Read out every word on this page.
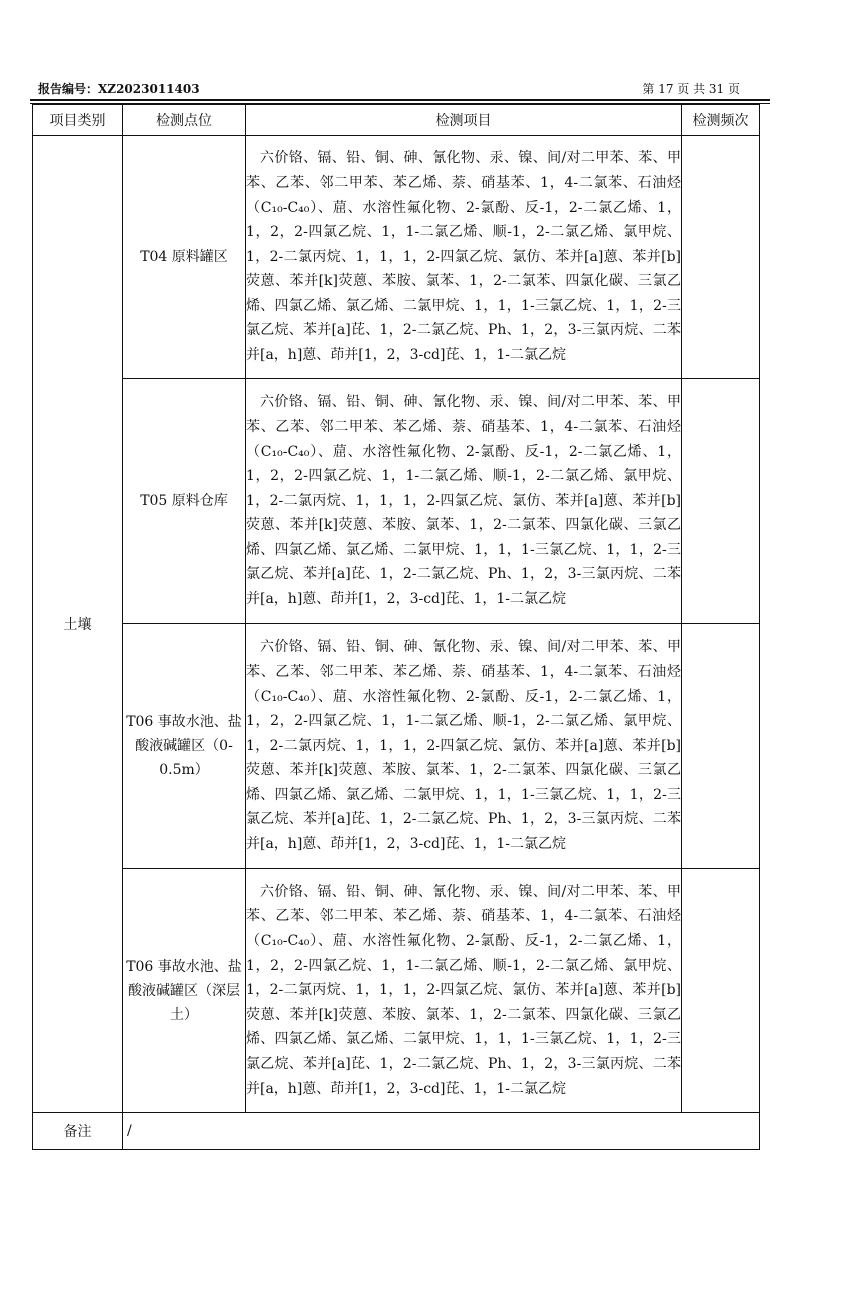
报告编号：XZ2023011403	第 17 页 共 31 页
项目类别	检测点位	检测项目	检测频次
土壤	T04 原料罐区	六价铬、镉、铅、铜、砷、氰化物、汞、镍、间/对二甲苯、苯、甲苯、乙苯、邻二甲苯、苯乙烯、萘、硝基苯、1，4-二氯苯、石油烃（C₁₀-C₄₀）、䓛、水溶性氟化物、2-氯酚、反-1，2-二氯乙烯、1，1，2，2-四氯乙烷、1，1-二氯乙烯、顺-1，2-二氯乙烯、氯甲烷、1，2-二氯丙烷、1，1，1，2-四氯乙烷、氯仿、苯并[a]蒽、苯并[b]荧蒽、苯并[k]荧蒽、苯胺、氯苯、1，2-二氯苯、四氯化碳、三氯乙烯、四氯乙烯、氯乙烯、二氯甲烷、1，1，1-三氯乙烷、1，1，2-三氯乙烷、苯并[a]芘、1，2-二氯乙烷、Ph、1，2，3-三氯丙烷、二苯并[a，h]蒽、茚并[1，2，3-cd]芘、1，1-二氯乙烷	

	T05 原料仓库	六价铬、镉、铅、铜、砷、氰化物、汞、镍、间/对二甲苯、苯、甲苯、乙苯、邻二甲苯、苯乙烯、萘、硝基苯、1，4-二氯苯、石油烃（C₁₀-C₄₀）、䓛、水溶性氟化物、2-氯酚、反-1，2-二氯乙烯、1，1，2，2-四氯乙烷、1，1-二氯乙烯、顺-1，2-二氯乙烯、氯甲烷、1，2-二氯丙烷、1，1，1，2-四氯乙烷、氯仿、苯并[a]蒽、苯并[b]荧蒽、苯并[k]荧蒽、苯胺、氯苯、1，2-二氯苯、四氯化碳、三氯乙烯、四氯乙烯、氯乙烯、二氯甲烷、1，1，1-三氯乙烷、1，1，2-三氯乙烷、苯并[a]芘、1，2-二氯乙烷、Ph、1，2，3-三氯丙烷、二苯并[a，h]蒽、茚并[1，2，3-cd]芘、1，1-二氯乙烷	

	T06 事故水池、盐酸液碱罐区（0-0.5m）	六价铬、镉、铅、铜、砷、氰化物、汞、镍、间/对二甲苯、苯、甲苯、乙苯、邻二甲苯、苯乙烯、萘、硝基苯、1，4-二氯苯、石油烃（C₁₀-C₄₀）、䓛、水溶性氟化物、2-氯酚、反-1，2-二氯乙烯、1，1，2，2-四氯乙烷、1，1-二氯乙烯、顺-1，2-二氯乙烯、氯甲烷、1，2-二氯丙烷、1，1，1，2-四氯乙烷、氯仿、苯并[a]蒽、苯并[b]荧蒽、苯并[k]荧蒽、苯胺、氯苯、1，2-二氯苯、四氯化碳、三氯乙烯、四氯乙烯、氯乙烯、二氯甲烷、1，1，1-三氯乙烷、1，1，2-三氯乙烷、苯并[a]芘、1，2-二氯乙烷、Ph、1，2，3-三氯丙烷、二苯并[a，h]蒽、茚并[1，2，3-cd]芘、1，1-二氯乙烷	

	T06 事故水池、盐酸液碱罐区（深层土）	六价铬、镉、铅、铜、砷、氰化物、汞、镍、间/对二甲苯、苯、甲苯、乙苯、邻二甲苯、苯乙烯、萘、硝基苯、1，4-二氯苯、石油烃（C₁₀-C₄₀）、䓛、水溶性氟化物、2-氯酚、反-1，2-二氯乙烯、1，1，2，2-四氯乙烷、1，1-二氯乙烯、顺-1，2-二氯乙烯、氯甲烷、1，2-二氯丙烷、1，1，1，2-四氯乙烷、氯仿、苯并[a]蒽、苯并[b]荧蒽、苯并[k]荧蒽、苯胺、氯苯、1，2-二氯苯、四氯化碳、三氯乙烯、四氯乙烯、氯乙烯、二氯甲烷、1，1，1-三氯乙烷、1，1，2-三氯乙烷、苯并[a]芘、1，2-二氯乙烷、Ph、1，2，3-三氯丙烷、二苯并[a，h]蒽、茚并[1，2，3-cd]芘、1，1-二氯乙烷	

备注	/		
